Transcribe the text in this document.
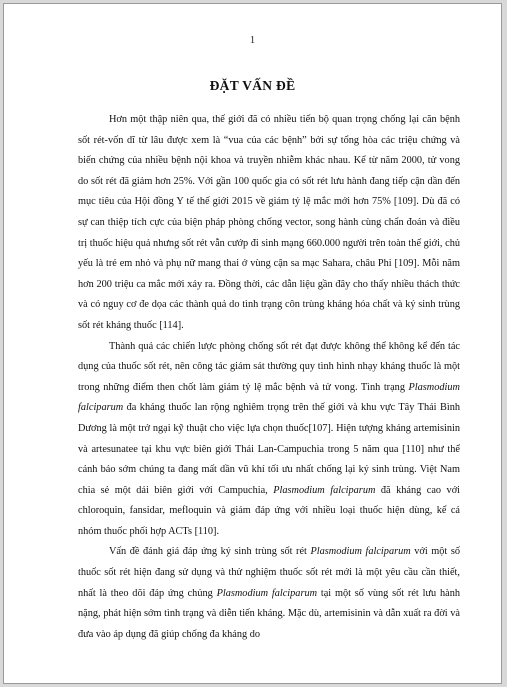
1
ĐẶT VẤN ĐỀ

Hơn một thập niên qua, thế giới đã có nhiều tiến bộ quan trọng chống lại căn bệnh sốt rét-vốn dĩ từ lâu được xem là “vua của các bệnh” bởi sự tổng hòa các triệu chứng và biến chứng của nhiều bệnh nội khoa và truyền nhiễm khác nhau. Kể từ năm 2000, tử vong do sốt rét đã giảm hơn 25%. Với gần 100 quốc gia có sốt rét lưu hành đang tiếp cận dần đến mục tiêu của Hội đồng Y tế thế giới 2015 về giảm tỷ lệ mắc mới hơn 75% [109]. Dù đã có sự can thiệp tích cực của biện pháp phòng chống vector, song hành cùng chẩn đoán và điều trị thuốc hiệu quả nhưng sốt rét vẫn cướp đi sinh mạng 660.000 người trên toàn thế giới, chủ yếu là trẻ em nhỏ và phụ nữ mang thai ở vùng cận sa mạc Sahara, châu Phi [109]. Mỗi năm hơn 200 triệu ca mắc mới xảy ra. Đồng thời, các dẫn liệu gần đây cho thấy nhiều thách thức và có nguy cơ đe dọa các thành quả do tình trạng côn trùng kháng hóa chất và ký sinh trùng sốt rét kháng thuốc [114].

Thành quả các chiến lược phòng chống sốt rét đạt được không thể không kể đến tác dụng của thuốc sốt rét, nên công tác giám sát thường quy tình hình nhạy kháng thuốc là một trong những điểm then chốt làm giảm tỷ lệ mắc bệnh và tử vong. Tình trạng Plasmodium falciparum đa kháng thuốc lan rộng nghiêm trọng trên thế giới và khu vực Tây Thái Bình Dương là một trở ngại kỹ thuật cho việc lựa chọn thuốc[107]. Hiện tượng kháng artemisinin và artesunatee tại khu vực biên giới Thái Lan-Campuchia trong 5 năm qua [110] như thể cảnh báo sớm chúng ta đang mất dần vũ khí tối ưu nhất chống lại ký sinh trùng. Việt Nam chia sẻ một dải biên giới với Campuchia, Plasmodium falciparum đã kháng cao với chloroquin, fansidar, mefloquin và giảm đáp ứng với nhiều loại thuốc hiện dùng, kể cả nhóm thuốc phối hợp ACTs [110].

Vấn đề đánh giá đáp ứng ký sinh trùng sốt rét Plasmodium falciparum với một số thuốc sốt rét hiện đang sử dụng và thử nghiệm thuốc sốt rét mới là một yêu cầu cần thiết, nhất là theo dõi đáp ứng chủng Plasmodium falciparum tại một số vùng sốt rét lưu hành nặng, phát hiện sớm tình trạng và diễn tiến kháng. Mặc dù, artemisinin và dẫn xuất ra đời và đưa vào áp dụng đã giúp chống đa kháng do
